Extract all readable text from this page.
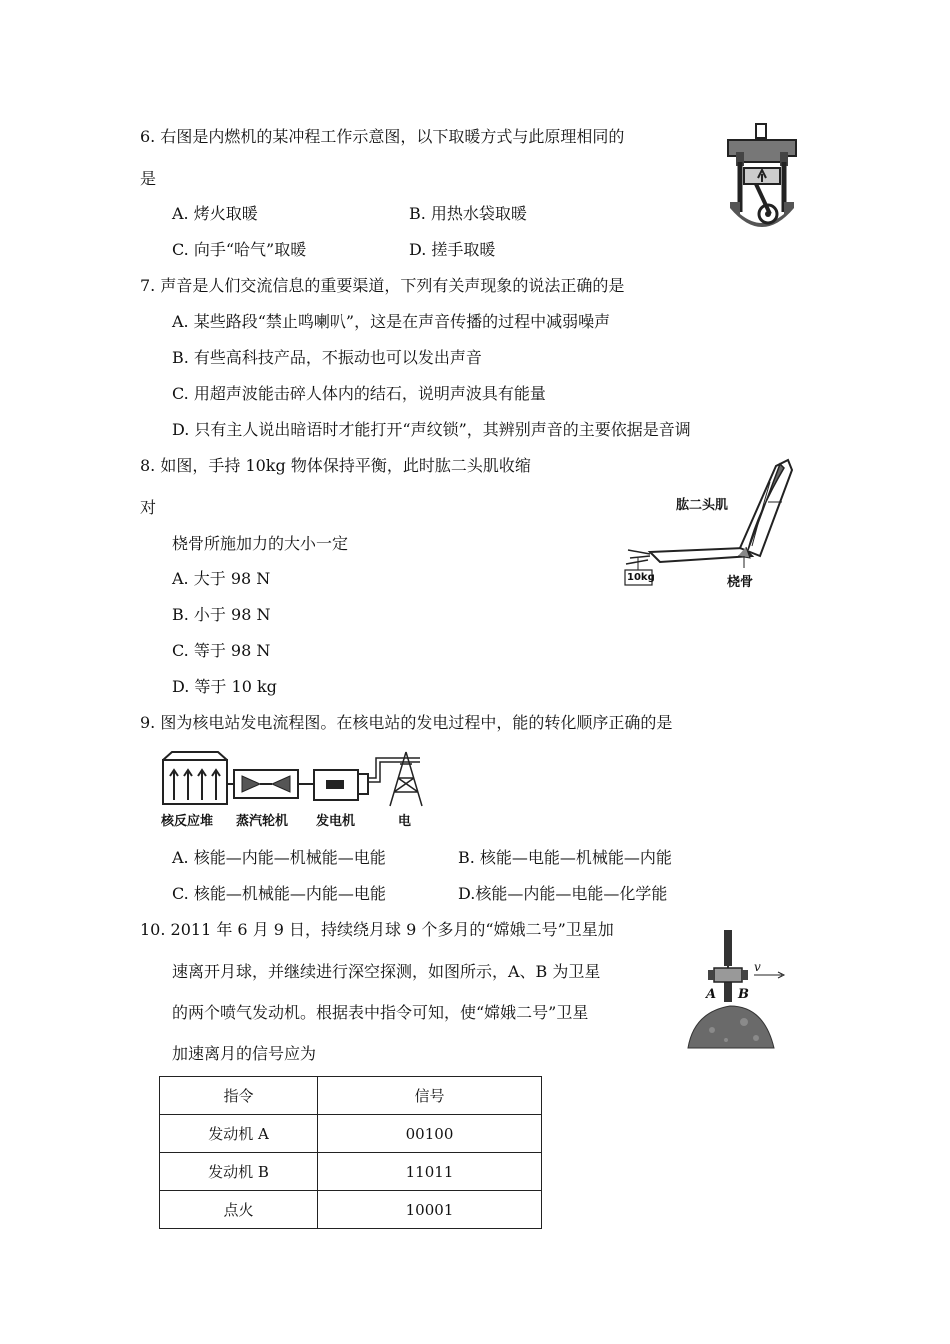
6. 右图是内燃机的某冲程工作示意图，以下取暖方式与此原理相同的
是
A. 烤火取暖	B. 用热水袋取暖
C. 向手“哈气”取暖	D. 搓手取暖
7. 声音是人们交流信息的重要渠道，下列有关声现象的说法正确的是
A. 某些路段“禁止鸣喇叭”，这是在声音传播的过程中减弱噪声
B. 有些高科技产品，不振动也可以发出声音
C. 用超声波能击碎人体内的结石，说明声波具有能量
D. 只有主人说出暗语时才能打开“声纹锁”，其辨别声音的主要依据是音调
8. 如图，手持 10kg 物体保持平衡，此时肱二头肌收缩
对
桡骨所施加力的大小一定
A. 大于 98 N
B. 小于 98 N
C. 等于 98 N
D. 等于 10 kg
肱二头肌
桡骨
10kg
9. 图为核电站发电流程图。在核电站的发电过程中，能的转化顺序正确的是
核反应堆 蒸汽轮机 发电机	电
A. 核能—内能—机械能—电能	B. 核能—电能—机械能—内能
C. 核能—机械能—内能—电能	D.核能—内能—电能—化学能
10. 2011 年 6 月 9 日，持续绕月球 9 个多月的“嫦娥二号”卫星加
速离开月球，并继续进行深空探测，如图所示，A、B 为卫星
的两个喷气发动机。根据表中指令可知，使“嫦娥二号”卫星
加速离月的信号应为
A B
v
指令	信号
发动机 A	00100
发动机 B	11011
点火	10001
